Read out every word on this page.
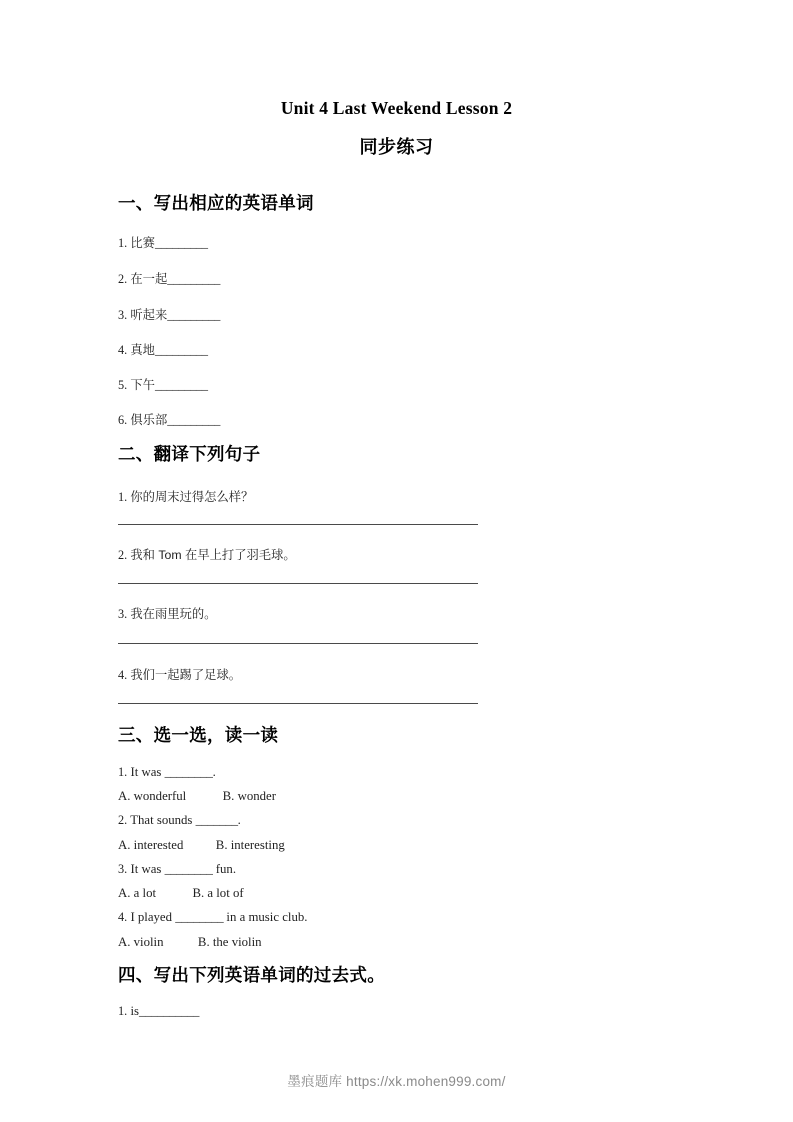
Unit 4 Last Weekend Lesson 2
同步练习
一、写出相应的英语单词
1. 比赛_________
2. 在一起_________
3. 听起来_________
4. 真地_________
5. 下午_________
6. 俱乐部_________
二、翻译下列句子
1. 你的周末过得怎么样？
2. 我和 Tom 在早上打了羽毛球。
3. 我在雨里玩的。
4. 我们一起踢了足球。
三、选一选，读一读
1. It was ________.
A. wonderful	B. wonder
2. That sounds _______.
A. interested	B. interesting
3. It was ________ fun.
A. a lot	B. a lot of
4. I played ________ in a music club.
A. violin	B. the violin
四、写出下列英语单词的过去式。
1. is__________
墨痕题库 https://xk.mohen999.com/
